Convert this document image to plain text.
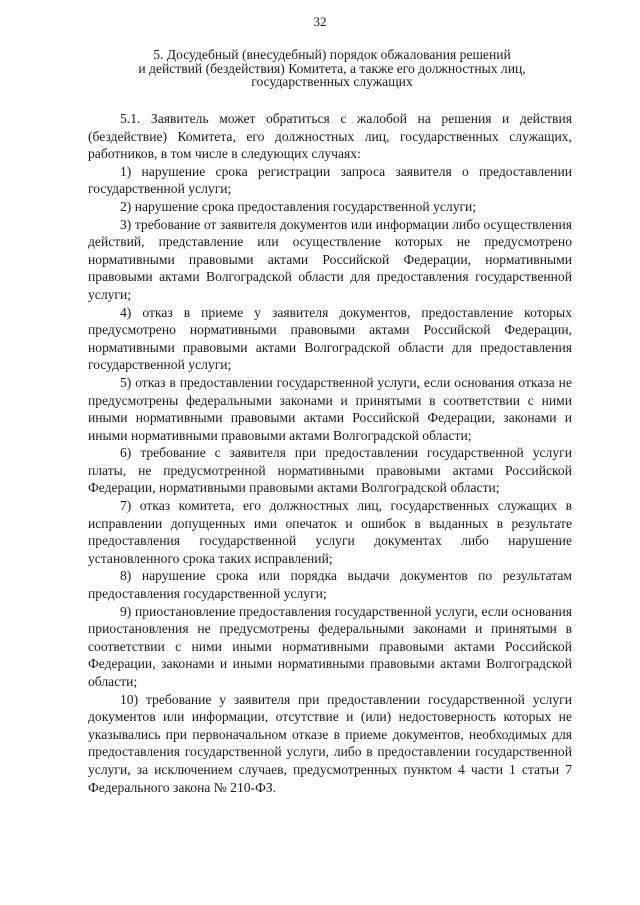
32
5. Досудебный (внесудебный) порядок обжалования решений
и действий (бездействия) Комитета, а также его должностных лиц,
государственных служащих

5.1. Заявитель может обратиться с жалобой на решения и действия (бездействие) Комитета, его должностных лиц, государственных служащих, работников, в том числе в следующих случаях:

1) нарушение срока регистрации запроса заявителя о предоставлении государственной услуги;

2) нарушение срока предоставления государственной услуги;

3) требование от заявителя документов или информации либо осуществления действий, представление или осуществление которых не предусмотрено нормативными правовыми актами Российской Федерации, нормативными правовыми актами Волгоградской области для предоставления государственной услуги;

4) отказ в приеме у заявителя документов, предоставление которых предусмотрено нормативными правовыми актами Российской Федерации, нормативными правовыми актами Волгоградской области для предоставления государственной услуги;

5) отказ в предоставлении государственной услуги, если основания отказа не предусмотрены федеральными законами и принятыми в соответствии с ними иными нормативными правовыми актами Российской Федерации, законами и иными нормативными правовыми актами Волгоградской области;

6) требование с заявителя при предоставлении государственной услуги платы, не предусмотренной нормативными правовыми актами Российской Федерации, нормативными правовыми актами Волгоградской области;

7) отказ комитета, его должностных лиц, государственных служащих в исправлении допущенных ими опечаток и ошибок в выданных в результате предоставления государственной услуги документах либо нарушение установленного срока таких исправлений;

8) нарушение срока или порядка выдачи документов по результатам предоставления государственной услуги;

9) приостановление предоставления государственной услуги, если основания приостановления не предусмотрены федеральными законами и принятыми в соответствии с ними иными нормативными правовыми актами Российской Федерации, законами и иными нормативными правовыми актами Волгоградской области;

10) требование у заявителя при предоставлении государственной услуги документов или информации, отсутствие и (или) недостоверность которых не указывались при первоначальном отказе в приеме документов, необходимых для предоставления государственной услуги, либо в предоставлении государственной услуги, за исключением случаев, предусмотренных пунктом 4 части 1 статьи 7 Федерального закона № 210-ФЗ.
